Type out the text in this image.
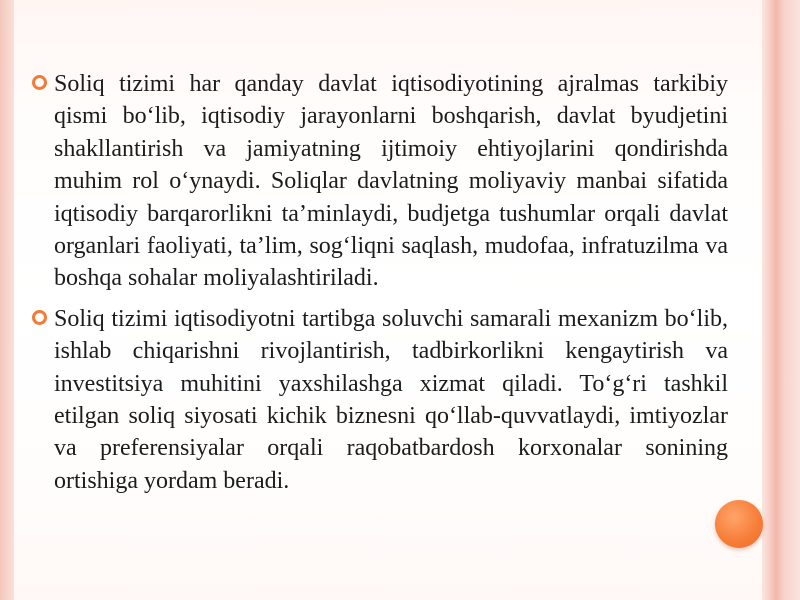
Soliq tizimi har qanday davlat iqtisodiyotining ajralmas tarkibiy qismi bo‘lib, iqtisodiy jarayonlarni boshqarish, davlat byudjetini shakllantirish va jamiyatning ijtimoiy ehtiyojlarini qondirishda muhim rol o‘ynaydi. Soliqlar davlatning moliyaviy manbai sifatida iqtisodiy barqarorlikni ta’minlaydi, budjetga tushumlar orqali davlat organlari faoliyati, ta’lim, sog‘liqni saqlash, mudofaa, infratuzilma va boshqa sohalar moliyalashtiriladi.
Soliq tizimi iqtisodiyotni tartibga soluvchi samarali mexanizm bo‘lib, ishlab chiqarishni rivojlantirish, tadbirkorlikni kengaytirish va investitsiya muhitini yaxshilashga xizmat qiladi. To‘g‘ri tashkil etilgan soliq siyosati kichik biznesni qo‘llab-quvvatlaydi, imtiyozlar va preferensiyalar orqali raqobatbardosh korxonalar sonining ortishiga yordam beradi.
